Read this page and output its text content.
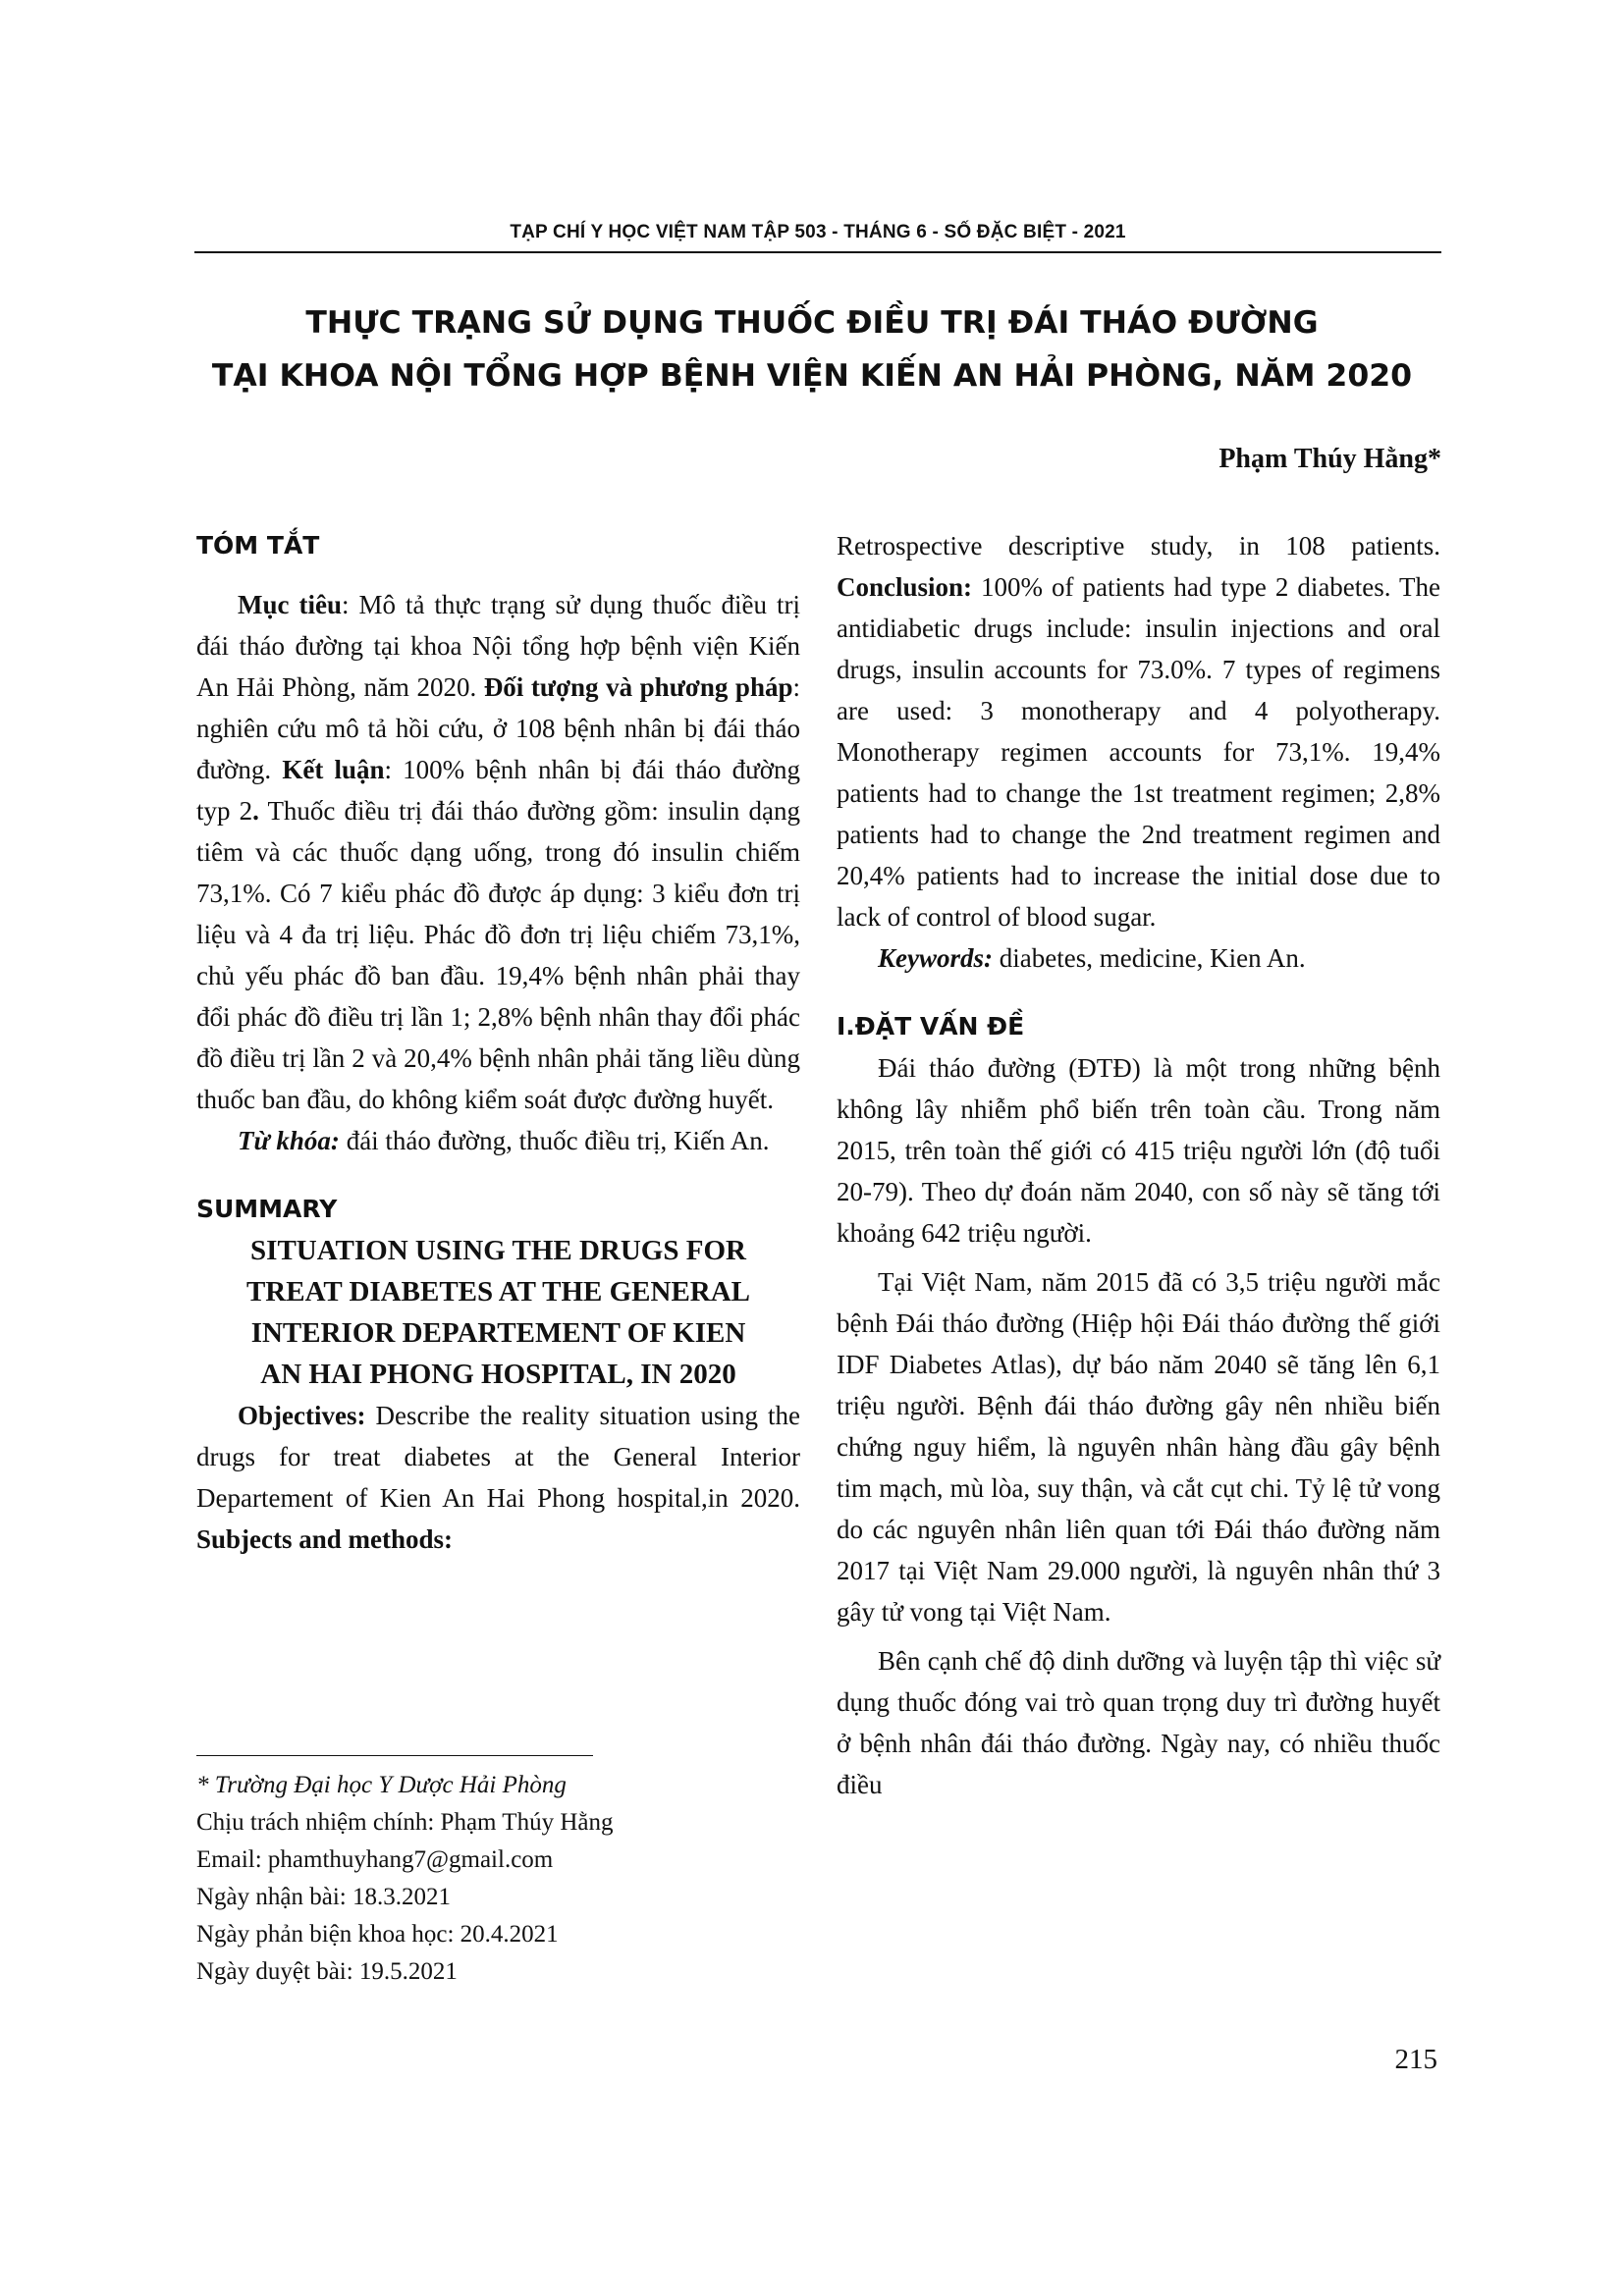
TẠP CHÍ Y HỌC VIỆT NAM TẬP 503 - THÁNG 6 - SỐ ĐẶC BIỆT - 2021
THỰC TRẠNG SỬ DỤNG THUỐC ĐIỀU TRỊ ĐÁI THÁO ĐƯỜNG
TẠI KHOA NỘI TỔNG HỢP BỆNH VIỆN KIẾN AN HẢI PHÒNG, NĂM 2020
Phạm Thúy Hằng*
TÓM TẮT

Mục tiêu: Mô tả thực trạng sử dụng thuốc điều trị đái tháo đường tại khoa Nội tổng hợp bệnh viện Kiến An Hải Phòng, năm 2020. Đối tượng và phương pháp: nghiên cứu mô tả hồi cứu, ở 108 bệnh nhân bị đái tháo đường. Kết luận: 100% bệnh nhân bị đái tháo đường typ 2. Thuốc điều trị đái tháo đường gồm: insulin dạng tiêm và các thuốc dạng uống, trong đó insulin chiếm 73,1%. Có 7 kiểu phác đồ được áp dụng: 3 kiểu đơn trị liệu và 4 đa trị liệu. Phác đồ đơn trị liệu chiếm 73,1%, chủ yếu phác đồ ban đầu. 19,4% bệnh nhân phải thay đổi phác đồ điều trị lần 1; 2,8% bệnh nhân thay đổi phác đồ điều trị lần 2 và 20,4% bệnh nhân phải tăng liều dùng thuốc ban đầu, do không kiểm soát được đường huyết.

Từ khóa: đái tháo đường, thuốc điều trị, Kiến An.

SUMMARY
SITUATION USING THE DRUGS FOR
TREAT DIABETES AT THE GENERAL
INTERIOR DEPARTEMENT OF KIEN
AN HAI PHONG HOSPITAL, IN 2020

Objectives: Describe the reality situation using the drugs for treat diabetes at the General Interior Departement of Kien An Hai Phong hospital,in 2020. Subjects and methods:

* Trường Đại học Y Dược Hải Phòng
Chịu trách nhiệm chính: Phạm Thúy Hằng
Email: phamthuyhang7@gmail.com
Ngày nhận bài: 18.3.2021
Ngày phản biện khoa học: 20.4.2021
Ngày duyệt bài: 19.5.2021

Retrospective descriptive study, in 108 patients. Conclusion: 100% of patients had type 2 diabetes. The antidiabetic drugs include: insulin injections and oral drugs, insulin accounts for 73.0%. 7 types of regimens are used: 3 monotherapy and 4 polyotherapy. Monotherapy regimen accounts for 73,1%. 19,4% patients had to change the 1st treatment regimen; 2,8% patients had to change the 2nd treatment regimen and 20,4% patients had to increase the initial dose due to lack of control of blood sugar.

Keywords: diabetes, medicine, Kien An.

I.ĐẶT VẤN ĐỀ

Đái tháo đường (ĐTĐ) là một trong những bệnh không lây nhiễm phổ biến trên toàn cầu. Trong năm 2015, trên toàn thế giới có 415 triệu người lớn (độ tuổi 20-79). Theo dự đoán năm 2040, con số này sẽ tăng tới khoảng 642 triệu người.

Tại Việt Nam, năm 2015 đã có 3,5 triệu người mắc bệnh Đái tháo đường (Hiệp hội Đái tháo đường thế giới IDF Diabetes Atlas), dự báo năm 2040 sẽ tăng lên 6,1 triệu người. Bệnh đái tháo đường gây nên nhiều biến chứng nguy hiểm, là nguyên nhân hàng đầu gây bệnh tim mạch, mù lòa, suy thận, và cắt cụt chi. Tỷ lệ tử vong do các nguyên nhân liên quan tới Đái tháo đường năm 2017 tại Việt Nam 29.000 người, là nguyên nhân thứ 3 gây tử vong tại Việt Nam.

Bên cạnh chế độ dinh dưỡng và luyện tập thì việc sử dụng thuốc đóng vai trò quan trọng duy trì đường huyết ở bệnh nhân đái tháo đường. Ngày nay, có nhiều thuốc điều

215
